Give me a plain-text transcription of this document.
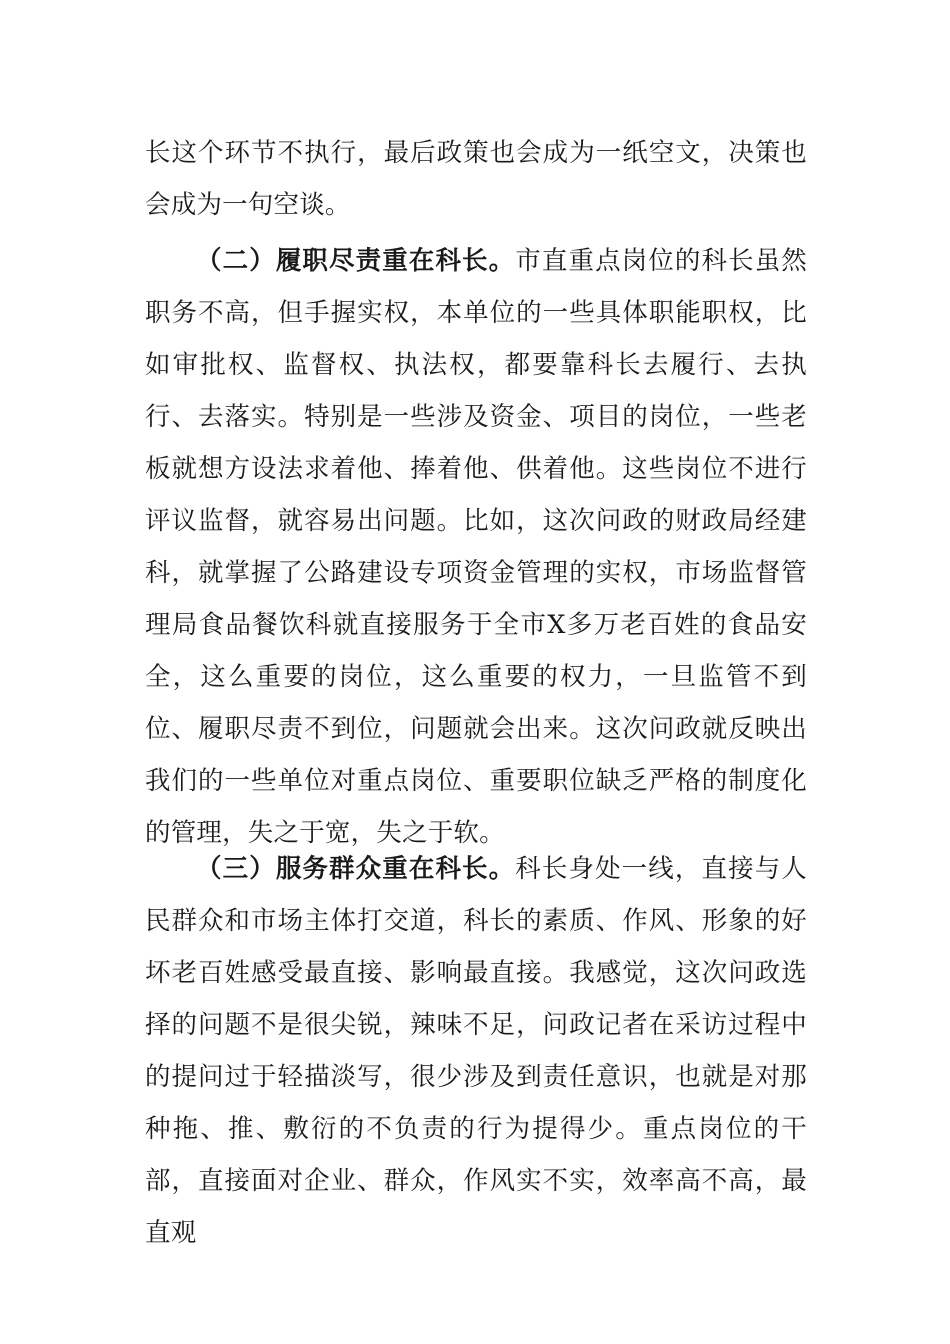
长这个环节不执行，最后政策也会成为一纸空文，决策也会成为一句空谈。

（二）履职尽责重在科长。市直重点岗位的科长虽然职务不高，但手握实权，本单位的一些具体职能职权，比如审批权、监督权、执法权，都要靠科长去履行、去执行、去落实。特别是一些涉及资金、项目的岗位，一些老板就想方设法求着他、捧着他、供着他。这些岗位不进行评议监督，就容易出问题。比如，这次问政的财政局经建科，就掌握了公路建设专项资金管理的实权，市场监督管理局食品餐饮科就直接服务于全市X多万老百姓的食品安全，这么重要的岗位，这么重要的权力，一旦监管不到位、履职尽责不到位，问题就会出来。这次问政就反映出我们的一些单位对重点岗位、重要职位缺乏严格的制度化的管理，失之于宽，失之于软。

（三）服务群众重在科长。科长身处一线，直接与人民群众和市场主体打交道，科长的素质、作风、形象的好坏老百姓感受最直接、影响最直接。我感觉，这次问政选择的问题不是很尖锐，辣味不足，问政记者在采访过程中的提问过于轻描淡写，很少涉及到责任意识，也就是对那种拖、推、敷衍的不负责的行为提得少。重点岗位的干部，直接面对企业、群众，作风实不实，效率高不高，最直观
